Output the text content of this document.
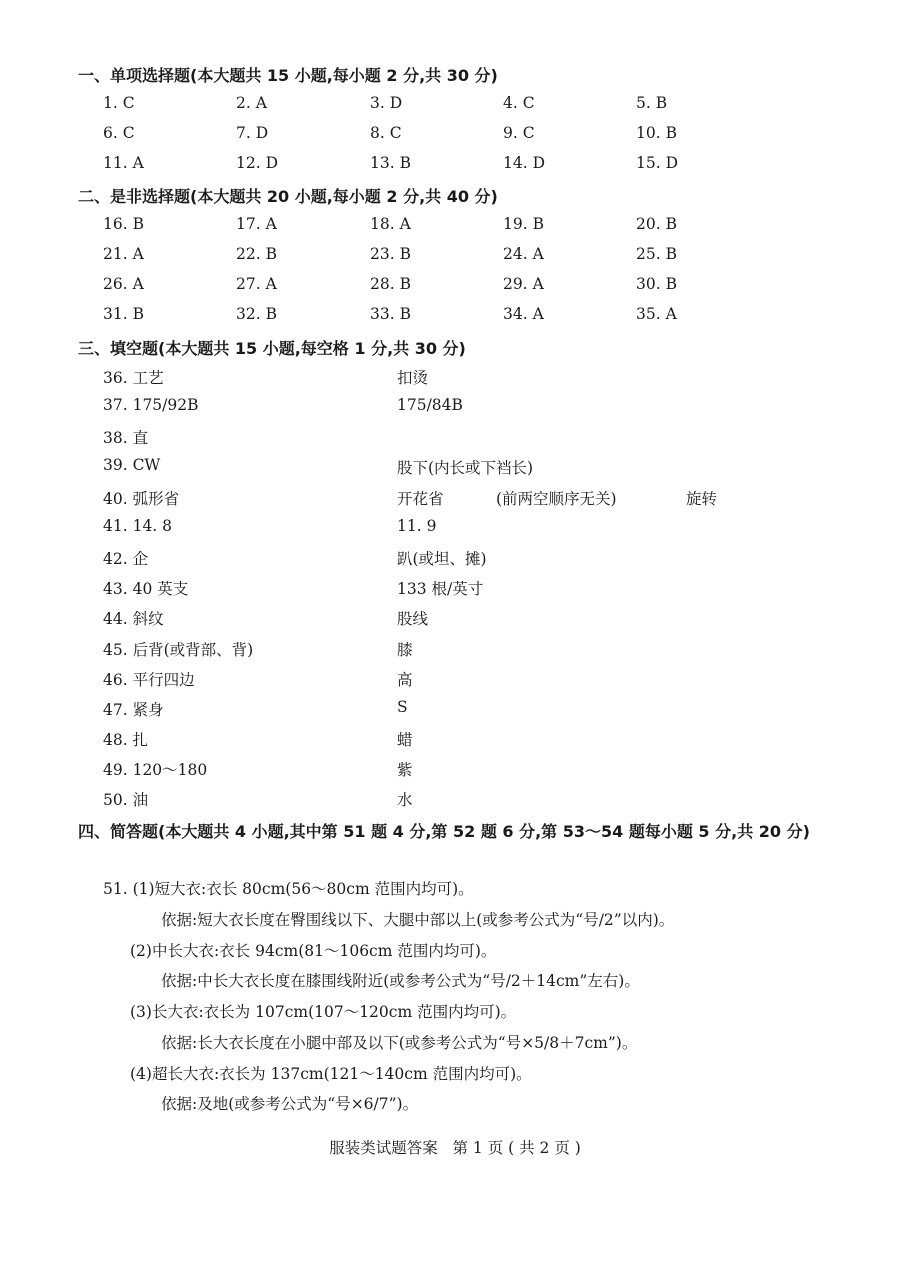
一、单项选择题(本大题共 15 小题,每小题 2 分,共 30 分)
1. C	2. A	3. D	4. C	5. B
6. C	7. D	8. C	9. C	10. B
11. A	12. D	13. B	14. D	15. D
二、是非选择题(本大题共 20 小题,每小题 2 分,共 40 分)
16. B	17. A	18. A	19. B	20. B
21. A	22. B	23. B	24. A	25. B
26. A	27. A	28. B	29. A	30. B
31. B	32. B	33. B	34. A	35. A
三、填空题(本大题共 15 小题,每空格 1 分,共 30 分)
36. 工艺	扣烫
37. 175/92B	175/84B
38. 直
39. CW	股下(内长或下裆长)
40. 弧形省	开花省	(前两空顺序无关)	旋转
41. 14. 8	11. 9
42. 企	趴(或坦、摊)
43. 40 英支	133 根/英寸
44. 斜纹	股线
45. 后背(或背部、背)	膝
46. 平行四边	高
47. 紧身	S
48. 扎	蜡
49. 120～180	紫
50. 油	水
四、简答题(本大题共 4 小题,其中第 51 题 4 分,第 52 题 6 分,第 53～54 题每小题 5 分,共 20 分)
51. (1)短大衣:衣长 80cm(56～80cm 范围内均可)。
依据:短大衣长度在臀围线以下、大腿中部以上(或参考公式为“号/2”以内)。
(2)中长大衣:衣长 94cm(81～106cm 范围内均可)。
依据:中长大衣长度在膝围线附近(或参考公式为“号/2＋14cm”左右)。
(3)长大衣:衣长为 107cm(107～120cm 范围内均可)。
依据:长大衣长度在小腿中部及以下(或参考公式为“号×5/8＋7cm”)。
(4)超长大衣:衣长为 137cm(121～140cm 范围内均可)。
依据:及地(或参考公式为“号×6/7”)。
服装类试题答案   第 1 页 ( 共 2 页 )
